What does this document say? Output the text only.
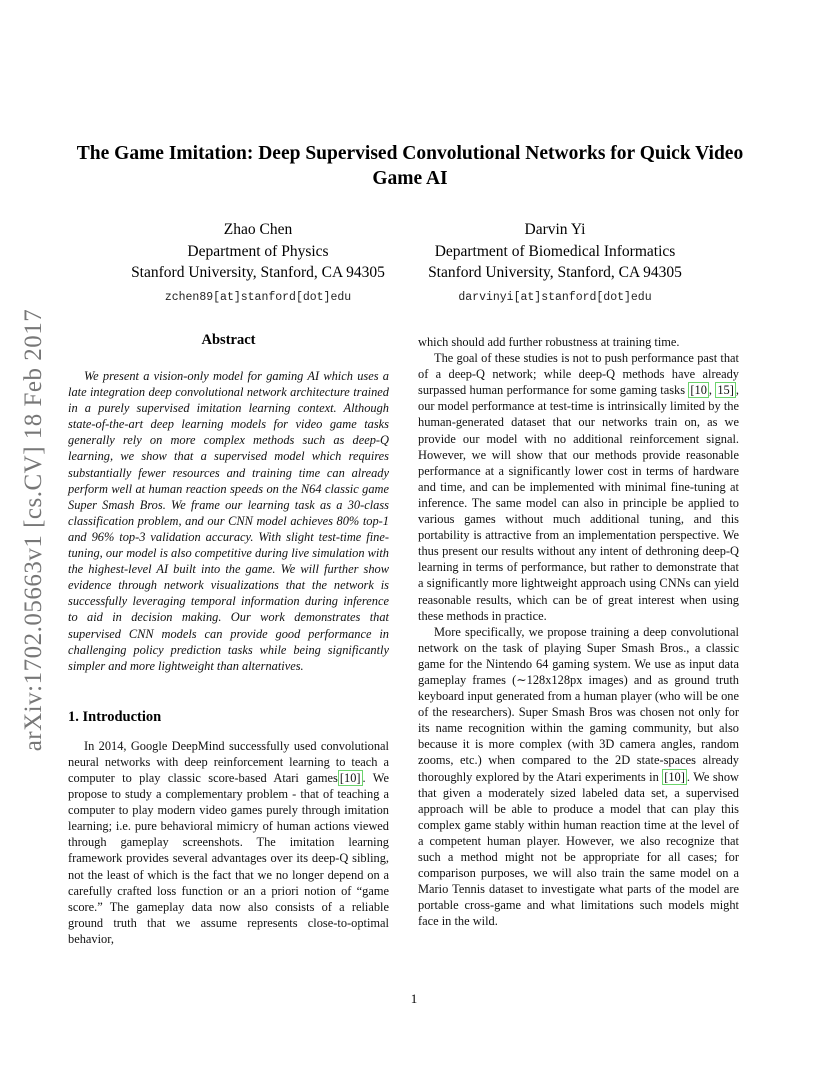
arXiv:1702.05663v1 [cs.CV] 18 Feb 2017
The Game Imitation: Deep Supervised Convolutional Networks for Quick Video Game AI
Zhao Chen
Department of Physics
Stanford University, Stanford, CA 94305
zchen89[at]stanford[dot]edu
Darvin Yi
Department of Biomedical Informatics
Stanford University, Stanford, CA 94305
darvinyi[at]stanford[dot]edu
Abstract

We present a vision-only model for gaming AI which uses a late integration deep convolutional network architecture trained in a purely supervised imitation learning context. Although state-of-the-art deep learning models for video game tasks generally rely on more complex methods such as deep-Q learning, we show that a supervised model which requires substantially fewer resources and training time can already perform well at human reaction speeds on the N64 classic game Super Smash Bros. We frame our learning task as a 30-class classification problem, and our CNN model achieves 80% top-1 and 96% top-3 validation accuracy. With slight test-time fine-tuning, our model is also competitive during live simulation with the highest-level AI built into the game. We will further show evidence through network visualizations that the network is successfully leveraging temporal information during inference to aid in decision making. Our work demonstrates that supervised CNN models can provide good performance in challenging policy prediction tasks while being significantly simpler and more lightweight than alternatives.

1. Introduction

In 2014, Google DeepMind successfully used convolutional neural networks with deep reinforcement learning to teach a computer to play classic score-based Atari games [10] . We propose to study a complementary problem - that of teaching a computer to play modern video games purely through imitation learning; i.e. pure behavioral mimicry of human actions viewed through gameplay screenshots. The imitation learning framework provides several advantages over its deep-Q sibling, not the least of which is the fact that we no longer depend on a carefully crafted loss function or an a priori notion of “game score.” The gameplay data now also consists of a reliable ground truth that we assume represents close-to-optimal behavior,

which should add further robustness at training time.

The goal of these studies is not to push performance past that of a deep-Q network; while deep-Q methods have already surpassed human performance for some gaming tasks [10 , 15] , our model performance at test-time is intrinsically limited by the human-generated dataset that our networks train on, as we provide our model with no additional reinforcement signal. However, we will show that our methods provide reasonable performance at a significantly lower cost in terms of hardware and time, and can be implemented with minimal fine-tuning at inference. The same model can also in principle be applied to various games without much additional tuning, and this portability is attractive from an implementation perspective. We thus present our results without any intent of dethroning deep-Q learning in terms of performance, but rather to demonstrate that a significantly more lightweight approach using CNNs can yield reasonable results, which can be of great interest when using these methods in practice.

More specifically, we propose training a deep convolutional network on the task of playing Super Smash Bros., a classic game for the Nintendo 64 gaming system. We use as input data gameplay frames (∼128x128px images) and as ground truth keyboard input generated from a human player (who will be one of the researchers). Super Smash Bros was chosen not only for its name recognition within the gaming community, but also because it is more complex (with 3D camera angles, random zooms, etc.) when compared to the 2D state-spaces already thoroughly explored by the Atari experiments in [10] . We show that given a moderately sized labeled data set, a supervised approach will be able to produce a model that can play this complex game stably within human reaction time at the level of a competent human player. However, we also recognize that such a method might not be appropriate for all cases; for comparison purposes, we will also train the same model on a Mario Tennis dataset to investigate what parts of the model are portable cross-game and what limitations such models might face in the wild.

1
